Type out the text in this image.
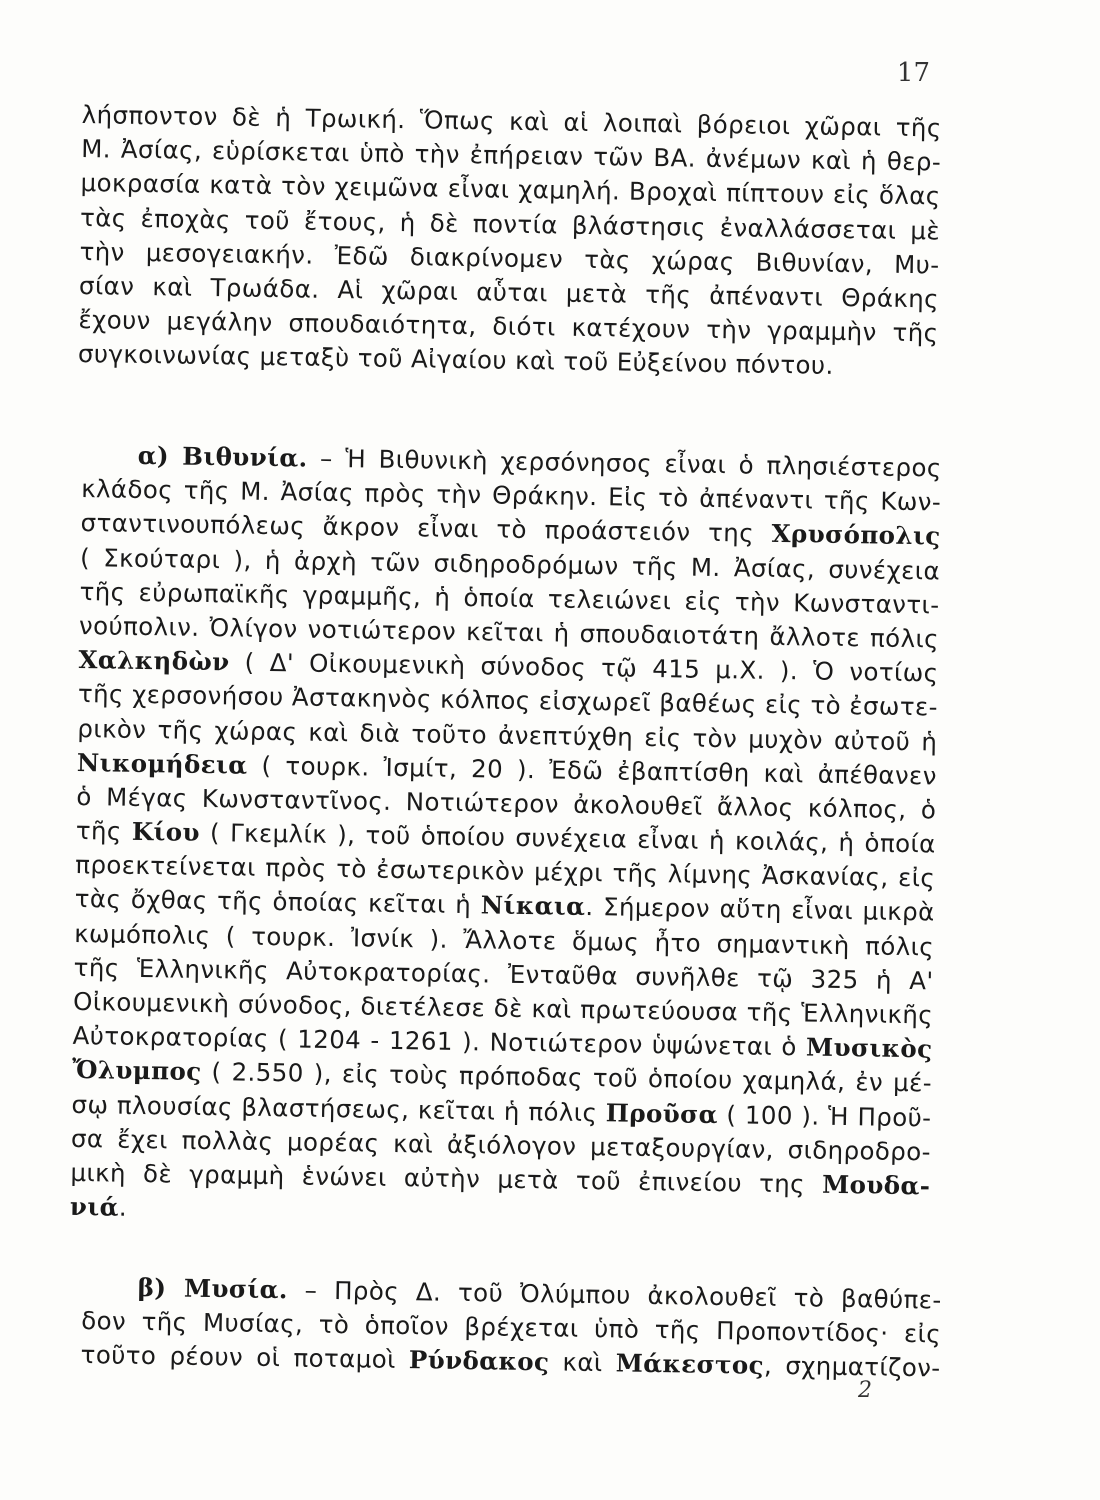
17
λήσποντον δὲ ἡ Τρωική. Ὅπως καὶ αἱ λοιπαὶ βόρειοι χῶραι τῆς
Μ. Ἀσίας, εὑρίσκεται ὑπὸ τὴν ἐπήρειαν τῶν ΒΑ. ἀνέμων καὶ ἡ θερ-
μοκρασία κατὰ τὸν χειμῶνα εἶναι χαμηλή. Βροχαὶ πίπτουν εἰς ὅλας
τὰς ἐποχὰς τοῦ ἔτους, ἡ δὲ ποντία βλάστησις ἐναλλάσσεται μὲ
τὴν μεσογειακήν. Ἐδῶ διακρίνομεν τὰς χώρας Βιθυνίαν, Μυ-
σίαν καὶ Τρωάδα. Αἱ χῶραι αὗται μετὰ τῆς ἀπέναντι Θράκης
ἔχουν μεγάλην σπουδαιότητα, διότι κατέχουν τὴν γραμμὴν τῆς
συγκοινωνίας μεταξὺ τοῦ Αἰγαίου καὶ τοῦ Εὐξείνου πόντου.
α) Βιθυνία. – Ἡ Βιθυνικὴ χερσόνησος εἶναι ὁ πλησιέστερος
κλάδος τῆς Μ. Ἀσίας πρὸς τὴν Θράκην. Εἰς τὸ ἀπέναντι τῆς Κων-
σταντινουπόλεως ἄκρον εἶναι τὸ προάστειόν της Χρυσόπολις
( Σκούταρι ), ἡ ἀρχὴ τῶν σιδηροδρόμων τῆς Μ. Ἀσίας, συνέχεια
τῆς εὐρωπαϊκῆς γραμμῆς, ἡ ὁποία τελειώνει εἰς τὴν Κωνσταντι-
νούπολιν. Ὀλίγον νοτιώτερον κεῖται ἡ σπουδαιοτάτη ἄλλοτε πόλις
Χαλκηδὼν ( Δ' Οἰκουμενικὴ σύνοδος τῷ 415 μ.Χ. ). Ὁ νοτίως
τῆς χερσονήσου Ἀστακηνὸς κόλπος εἰσχωρεῖ βαθέως εἰς τὸ ἐσωτε-
ρικὸν τῆς χώρας καὶ διὰ τοῦτο ἀνεπτύχθη εἰς τὸν μυχὸν αὐτοῦ ἡ
Νικομήδεια ( τουρκ. Ἰσμίτ, 20 ). Ἐδῶ ἐβαπτίσθη καὶ ἀπέθανεν
ὁ Μέγας Κωνσταντῖνος. Νοτιώτερον ἀκολουθεῖ ἄλλος κόλπος, ὁ
τῆς Κίου ( Γκεμλίκ ), τοῦ ὁποίου συνέχεια εἶναι ἡ κοιλάς, ἡ ὁποία
προεκτείνεται πρὸς τὸ ἐσωτερικὸν μέχρι τῆς λίμνης Ἀσκανίας, εἰς
τὰς ὄχθας τῆς ὁποίας κεῖται ἡ Νίκαια. Σήμερον αὕτη εἶναι μικρὰ
κωμόπολις ( τουρκ. Ἰσνίκ ). Ἄλλοτε ὅμως ἦτο σημαντικὴ πόλις
τῆς Ἑλληνικῆς Αὐτοκρατορίας. Ἐνταῦθα συνῆλθε τῷ 325 ἡ Α'
Οἰκουμενικὴ σύνοδος, διετέλεσε δὲ καὶ πρωτεύουσα τῆς Ἑλληνικῆς
Αὐτοκρατορίας ( 1204 - 1261 ). Νοτιώτερον ὑψώνεται ὁ Μυσικὸς
Ὄλυμπος ( 2.550 ), εἰς τοὺς πρόποδας τοῦ ὁποίου χαμηλά, ἐν μέ-
σῳ πλουσίας βλαστήσεως, κεῖται ἡ πόλις Προῦσα ( 100 ). Ἡ Προῦ-
σα ἔχει πολλὰς μορέας καὶ ἀξιόλογον μεταξουργίαν, σιδηροδρο-
μικὴ δὲ γραμμὴ ἑνώνει αὐτὴν μετὰ τοῦ ἐπινείου της Μουδα-
νιά.
β) Μυσία. – Πρὸς Δ. τοῦ Ὀλύμπου ἀκολουθεῖ τὸ βαθύπε-
δον τῆς Μυσίας, τὸ ὁποῖον βρέχεται ὑπὸ τῆς Προποντίδος· εἰς
τοῦτο ρέουν οἱ ποταμοὶ Ρύνδακος καὶ Μάκεστος, σχηματίζον-
2
